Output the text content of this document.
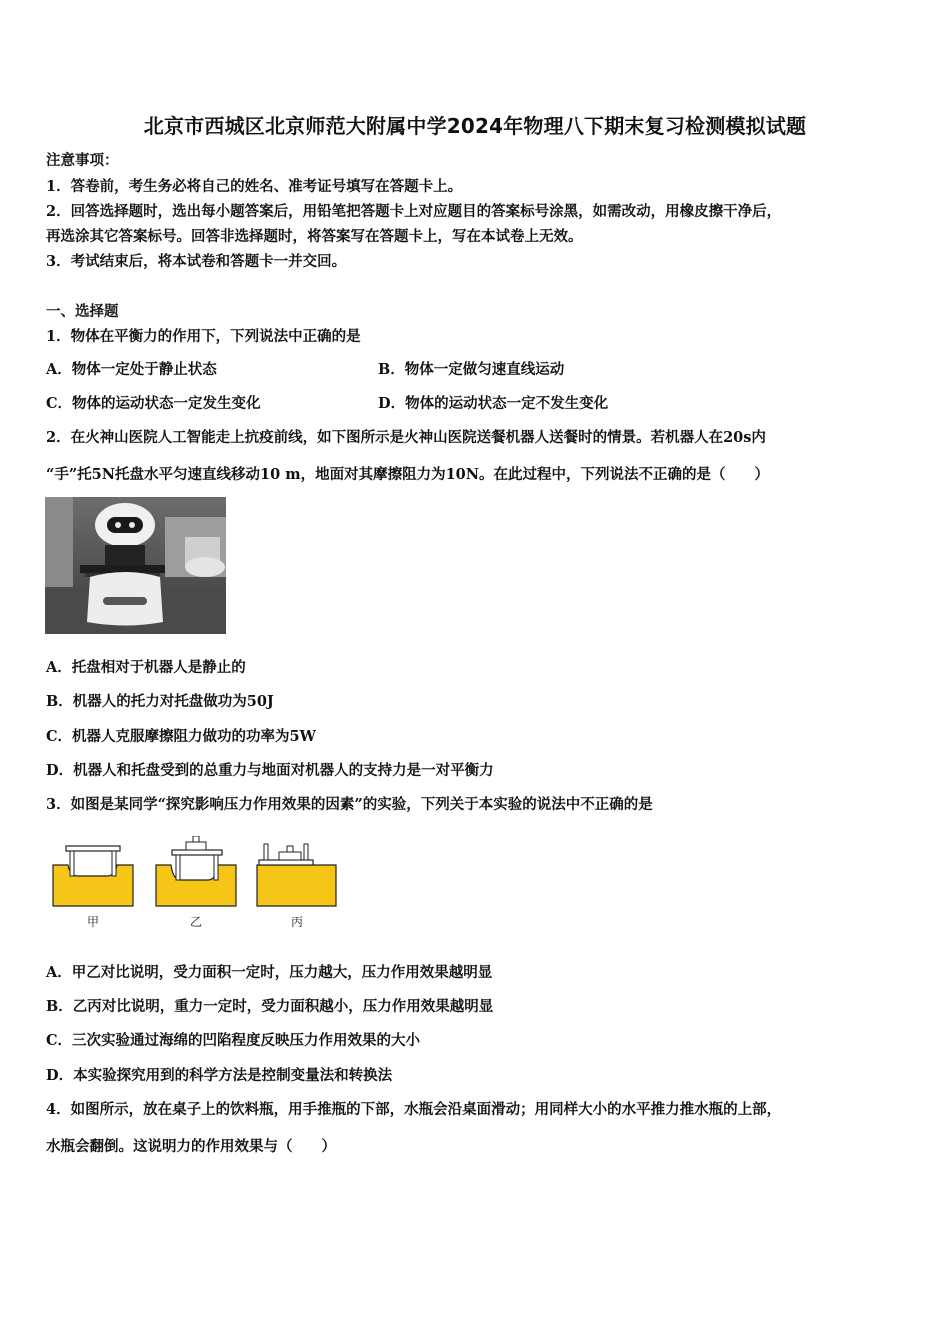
北京市西城区北京师范大附属中学2024年物理八下期末复习检测模拟试题
注意事项：
1．答卷前，考生务必将自己的姓名、准考证号填写在答题卡上。
2．回答选择题时，选出每小题答案后，用铅笔把答题卡上对应题目的答案标号涂黑，如需改动，用橡皮擦干净后，
再选涂其它答案标号。回答非选择题时，将答案写在答题卡上，写在本试卷上无效。
3．考试结束后，将本试卷和答题卡一并交回。
一、选择题
1．物体在平衡力的作用下，下列说法中正确的是
A．物体一定处于静止状态	B．物体一定做匀速直线运动
C．物体的运动状态一定发生变化	D．物体的运动状态一定不发生变化
2．在火神山医院人工智能走上抗疫前线，如下图所示是火神山医院送餐机器人送餐时的情景。若机器人在20s内
“手”托5N托盘水平匀速直线移动10 m，地面对其摩擦阻力为10N。在此过程中，下列说法不正确的是（　　）
A．托盘相对于机器人是静止的
B．机器人的托力对托盘做功为50J
C．机器人克服摩擦阻力做功的功率为5W
D．机器人和托盘受到的总重力与地面对机器人的支持力是一对平衡力
3．如图是某同学“探究影响压力作用效果的因素”的实验，下列关于本实验的说法中不正确的是
甲	乙	丙
A．甲乙对比说明，受力面积一定时，压力越大，压力作用效果越明显
B．乙丙对比说明，重力一定时，受力面积越小，压力作用效果越明显
C．三次实验通过海绵的凹陷程度反映压力作用效果的大小
D．本实验探究用到的科学方法是控制变量法和转换法
4．如图所示，放在桌子上的饮料瓶，用手推瓶的下部，水瓶会沿桌面滑动；用同样大小的水平推力推水瓶的上部，
水瓶会翻倒。这说明力的作用效果与（　　）
